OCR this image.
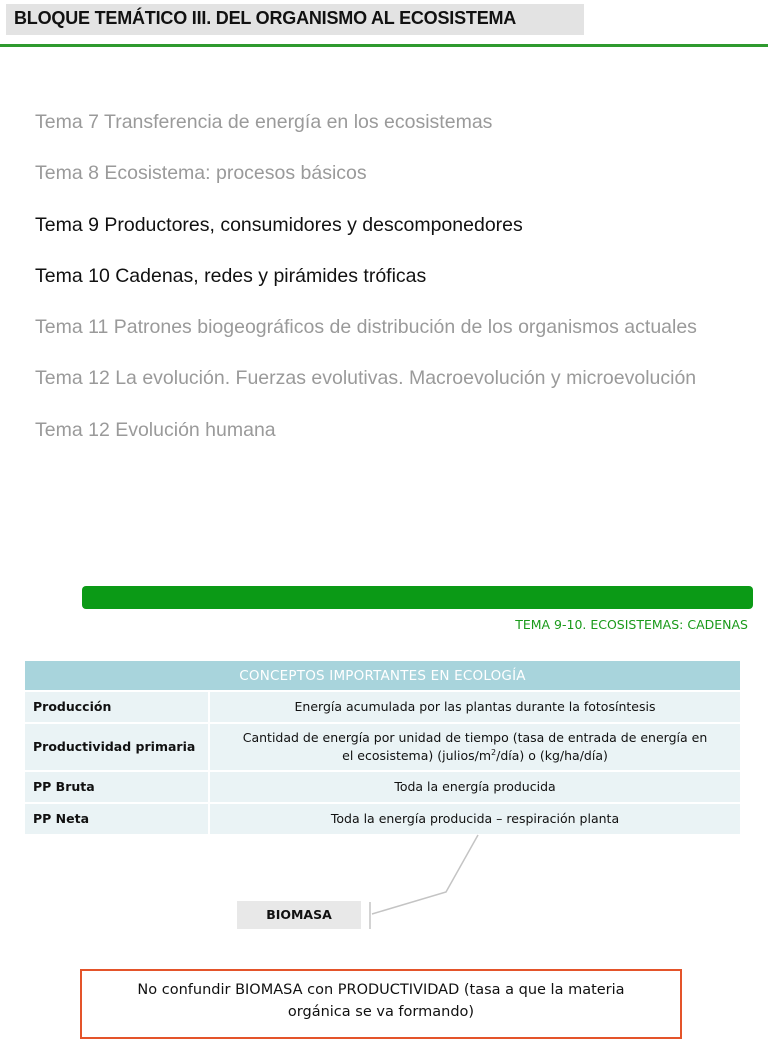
BLOQUE TEMÁTICO III. DEL ORGANISMO AL ECOSISTEMA
Tema 7 Transferencia de energía en los ecosistemas
Tema 8 Ecosistema: procesos básicos
Tema 9 Productores, consumidores y descomponedores
Tema 10 Cadenas, redes y pirámides tróficas
Tema 11 Patrones biogeográficos de distribución de los organismos actuales
Tema 12 La evolución. Fuerzas evolutivas. Macroevolución y microevolución
Tema 12 Evolución humana
TEMA 9-10. ECOSISTEMAS: CADENAS
CONCEPTOS IMPORTANTES EN ECOLOGÍA	
Producción	Energía acumulada por las plantas durante la fotosíntesis
Productividad primaria	Cantidad de energía por unidad de tiempo (tasa de entrada de energía en
el ecosistema) $(julios/m^2/día)$ o (kg/ha/día)
PP Bruta	Toda la energía producida
PP Neta	Toda la energía producida – respiración planta
BIOMASA
No confundir BIOMASA con PRODUCTIVIDAD (tasa a que la materia
orgánica se va formando)
